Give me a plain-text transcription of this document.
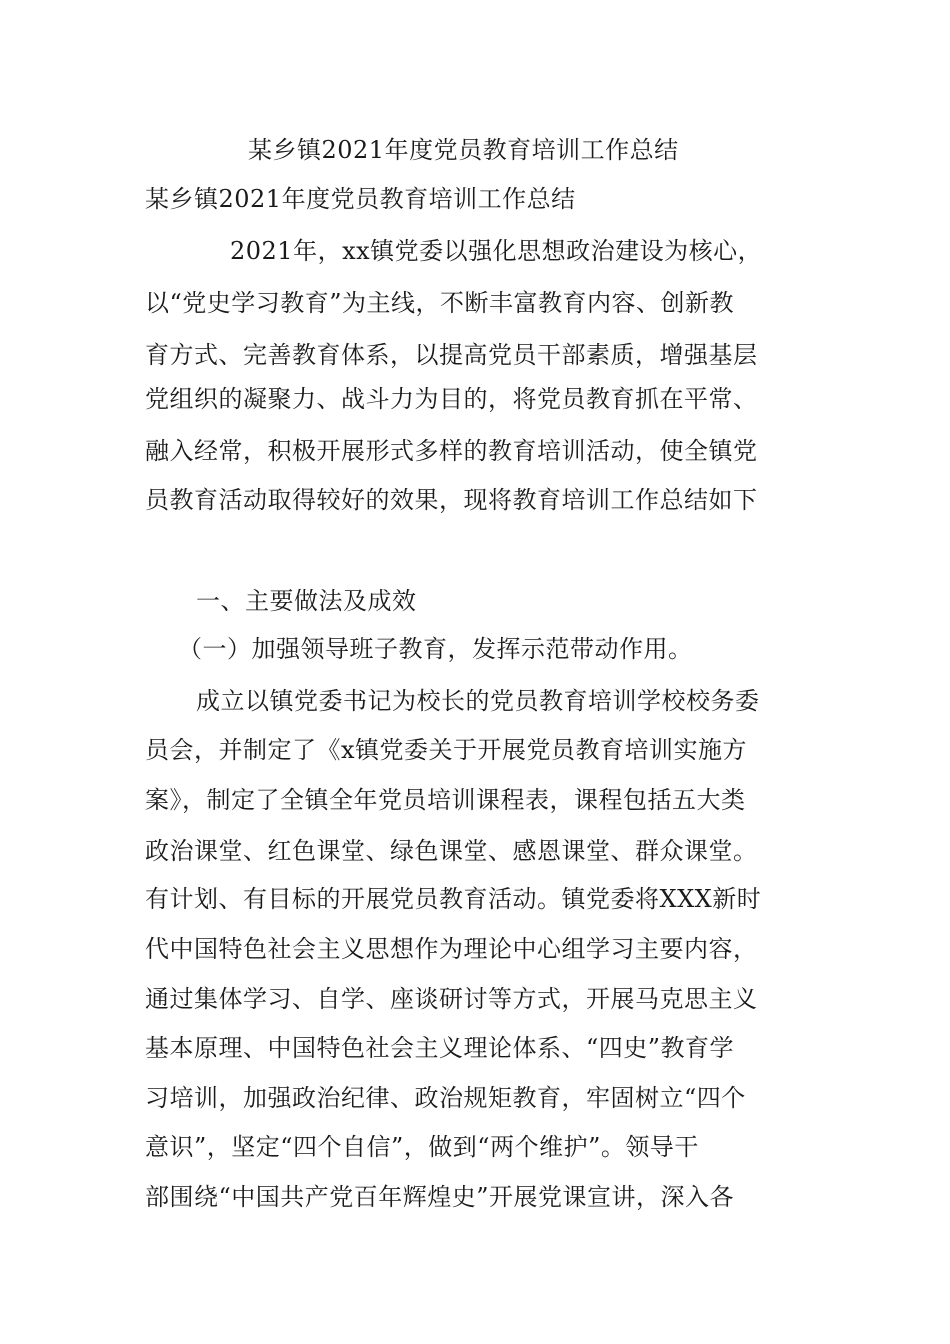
某乡镇2021年度党员教育培训工作总结
某乡镇2021年度党员教育培训工作总结
2021年，xx镇党委以强化思想政治建设为核心，
以“党史学习教育”为主线，不断丰富教育内容、创新教
育方式、完善教育体系，以提高党员干部素质，增强基层
党组织的凝聚力、战斗力为目的，将党员教育抓在平常、
融入经常，积极开展形式多样的教育培训活动，使全镇党
员教育活动取得较好的效果，现将教育培训工作总结如下
一、主要做法及成效
（一）加强领导班子教育，发挥示范带动作用。
成立以镇党委书记为校长的党员教育培训学校校务委
员会，并制定了《x镇党委关于开展党员教育培训实施方
案》，制定了全镇全年党员培训课程表，课程包括五大类
政治课堂、红色课堂、绿色课堂、感恩课堂、群众课堂。
有计划、有目标的开展党员教育活动。镇党委将XXX新时
代中国特色社会主义思想作为理论中心组学习主要内容，
通过集体学习、自学、座谈研讨等方式，开展马克思主义
基本原理、中国特色社会主义理论体系、“四史”教育学
习培训，加强政治纪律、政治规矩教育，牢固树立“四个
意识”，坚定“四个自信”，做到“两个维护”。领导干
部围绕“中国共产党百年辉煌史”开展党课宣讲，深入各
